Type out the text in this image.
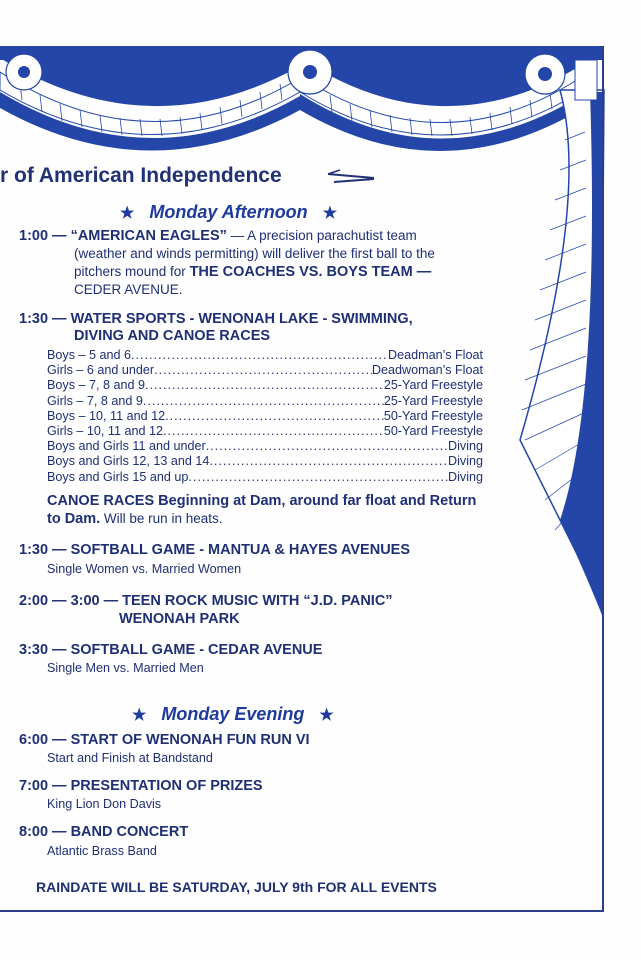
r of American Independence
★ Monday Afternoon ★
1:00 — “AMERICAN EAGLES” — A precision parachutist team
(weather and winds permitting) will deliver the first ball to the
pitchers mound for THE COACHES VS. BOYS TEAM —
CEDER AVENUE.
1:30 — WATER SPORTS - WENONAH LAKE - SWIMMING,
DIVING AND CANOE RACES
Boys – 5 and 6 .....	Deadman’s Float
Girls – 6 and under .....	Deadwoman’s Float
Boys – 7, 8 and 9 .....	25-Yard Freestyle
Girls – 7, 8 and 9 .....	25-Yard Freestyle
Boys – 10, 11 and 12 .....	50-Yard Freestyle
Girls – 10, 11 and 12 .....	50-Yard Freestyle
Boys and Girls 11 and under .....	Diving
Boys and Girls 12, 13 and 14 .....	Diving
Boys and Girls 15 and up .....	Diving
CANOE RACES Beginning at Dam, around far float and Return
to Dam. Will be run in heats.
1:30 — SOFTBALL GAME - MANTUA & HAYES AVENUES
Single Women vs. Married Women
2:00 — 3:00 — TEEN ROCK MUSIC WITH “J.D. PANIC”
WENONAH PARK
3:30 — SOFTBALL GAME - CEDAR AVENUE
Single Men vs. Married Men
★ Monday Evening ★
6:00 — START OF WENONAH FUN RUN VI
Start and Finish at Bandstand
7:00 — PRESENTATION OF PRIZES
King Lion Don Davis
8:00 — BAND CONCERT
Atlantic Brass Band
RAINDATE WILL BE SATURDAY, JULY 9th FOR ALL EVENTS
